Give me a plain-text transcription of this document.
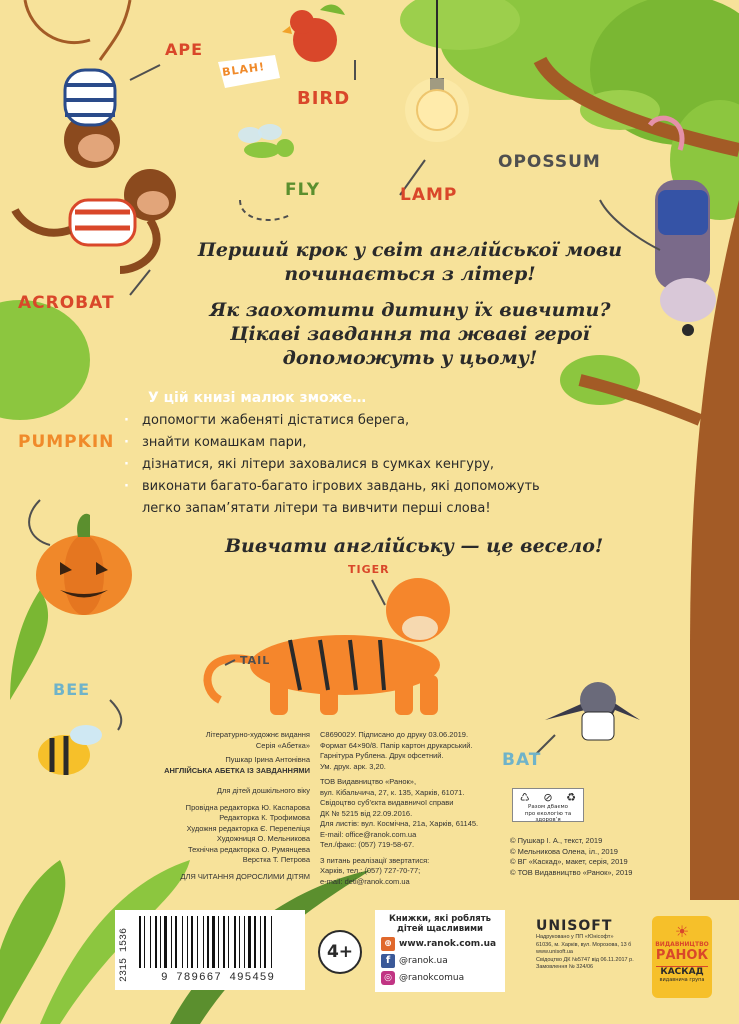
APE
BLAH!
BIRD
FLY	LAMP
OPOSSUM
ACROBAT
PUMPKIN
TIGER
TAIL
BEE
BAT
Перший крок у світ англійської мови
починається з літер!
Як заохотити дитину їх вивчити?
Цікаві завдання та жваві герої
допоможуть у цьому!
У цій книзі малюк зможе…
· допомогти жабеняті дістатися берега,
· знайти комашкам пари,
· дізнатися, які літери заховалися в сумках кенгуру,
· виконати багато-багато ігрових завдань, які допоможуть
легко запам’ятати літери та вивчити перші слова!
Вивчати англійську — це весело!
Літературно-художнє видання
Серія «Абетка»
Пушкар Ірина Антонівна
АНГЛІЙСЬКА АБЕТКА ІЗ ЗАВДАННЯМИ
Для дітей дошкільного віку
Провідна редакторка Ю. Каспарова
Редакторка К. Трофимова
Художня редакторка Є. Перепеліця
Художниця О. Мельникова
Технічна редакторка О. Румянцева
Верстка Т. Петрова
ДЛЯ ЧИТАННЯ ДОРОСЛИМИ ДІТЯМ
С869002У. Підписано до друку 03.06.2019.
Формат 64×90/8. Папір картон друкарський.
Гарнітура Рублена. Друк офсетний.
Ум. друк. арк. 3,20.
ТОВ Видавництво «Ранок»,
вул. Кібальчича, 27, к. 135, Харків, 61071.
Свідоцтво суб’єкта видавничої справи
ДК № 5215 від 22.09.2016.
Для листів: вул. Космічна, 21а, Харків, 61145.
E-mail: office@ranok.com.ua
Тел./факс: (057) 719-58-67.
З питань реалізації звертатися:
Харків, тел.: (057) 727-70-77;
e-mail: deti@ranok.com.ua
♺ ⊘ ♻
Разом дбаємо
про екологію та здоров’я
© Пушкар І. А., текст, 2019
© Мельникова Олена, іл., 2019
© ВГ «Каскад», макет, серія, 2019
© ТОВ Видавництво «Ранок», 2019
2315 1536	9 789667 495459
4+
Книжки, які роблять
дітей щасливими
⊕ www.ranok.com.ua
f @ranok.ua
◎ @ranokcomua
UNISOFT
Надруковано у ПП «Юнісофт»
61036, м. Харків, вул. Морозова, 13 б
www.unisoft.ua
Свідоцтво ДК №5747 від 06.11.2017 р.
Замовлення № 324/06
☀
ВИДАВНИЦТВО
РАНОК
КАСКАД
видавнича група
